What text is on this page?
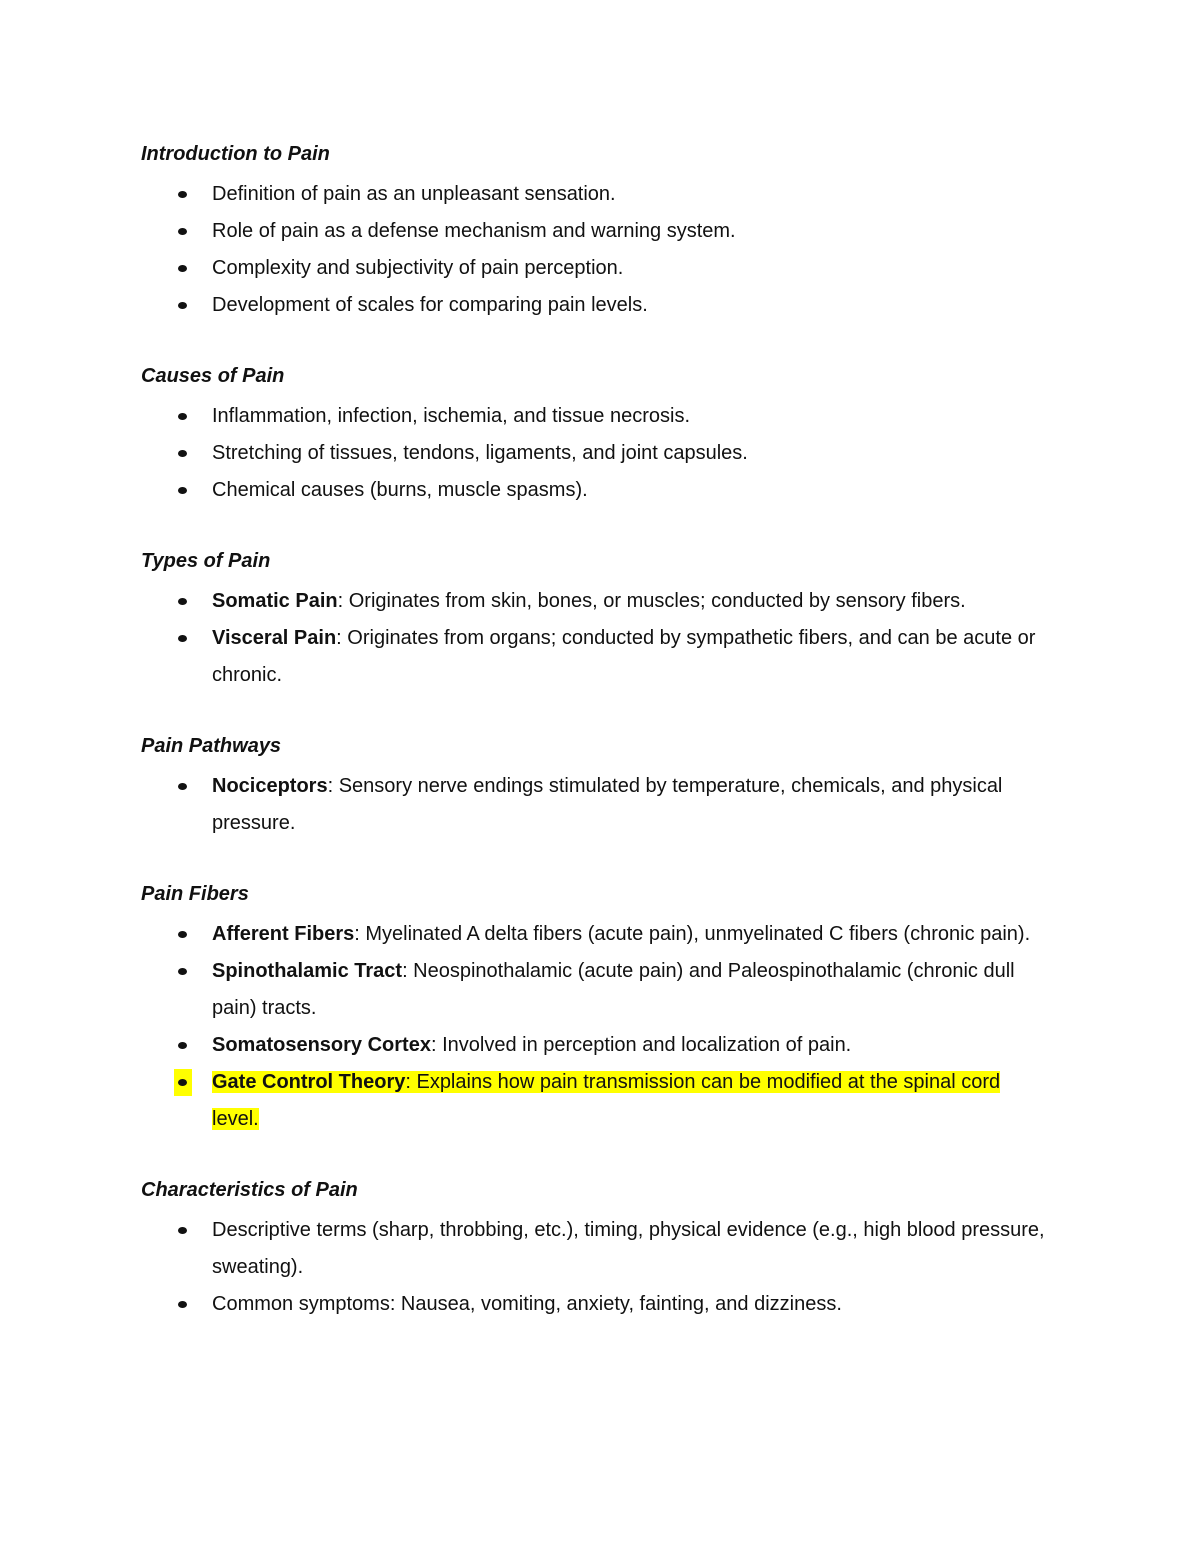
Introduction to Pain
Definition of pain as an unpleasant sensation.
Role of pain as a defense mechanism and warning system.
Complexity and subjectivity of pain perception.
Development of scales for comparing pain levels.
Causes of Pain
Inflammation, infection, ischemia, and tissue necrosis.
Stretching of tissues, tendons, ligaments, and joint capsules.
Chemical causes (burns, muscle spasms).
Types of Pain
Somatic Pain: Originates from skin, bones, or muscles; conducted by sensory fibers.
Visceral Pain: Originates from organs; conducted by sympathetic fibers, and can be acute or chronic.
Pain Pathways
Nociceptors: Sensory nerve endings stimulated by temperature, chemicals, and physical pressure.
Pain Fibers
Afferent Fibers: Myelinated A delta fibers (acute pain), unmyelinated C fibers (chronic pain).
Spinothalamic Tract: Neospinothalamic (acute pain) and Paleospinothalamic (chronic dull pain) tracts.
Somatosensory Cortex: Involved in perception and localization of pain.
Gate Control Theory: Explains how pain transmission can be modified at the spinal cord level.
Characteristics of Pain
Descriptive terms (sharp, throbbing, etc.), timing, physical evidence (e.g., high blood pressure, sweating).
Common symptoms: Nausea, vomiting, anxiety, fainting, and dizziness.
